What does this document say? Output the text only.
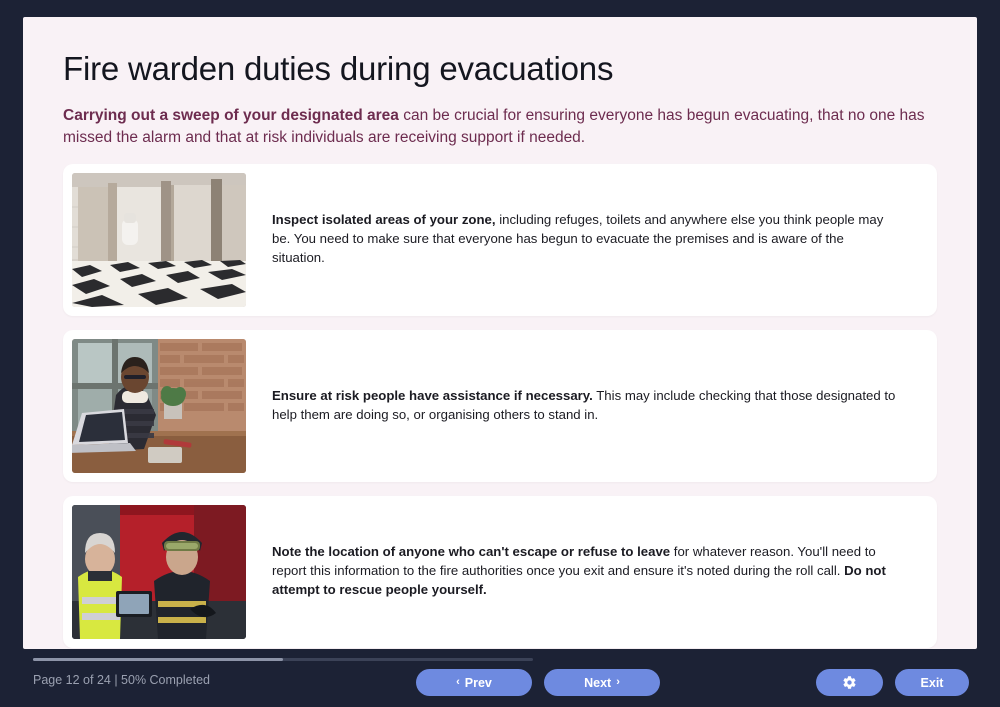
Fire warden duties during evacuations

Carrying out a sweep of your designated area can be crucial for ensuring everyone has begun evacuating, that no one has missed the alarm and that at risk individuals are receiving support if needed.

Inspect isolated areas of your zone, including refuges, toilets and anywhere else you think people may be. You need to make sure that everyone has begun to evacuate the premises and is aware of the situation.
Ensure at risk people have assistance if necessary. This may include checking that those designated to help them are doing so, or organising others to stand in.
Note the location of anyone who can't escape or refuse to leave for whatever reason. You'll need to report this information to the fire authorities once you exit and ensure it's noted during the roll call. Do not attempt to rescue people yourself.
Page 12 of 24 | 50% Completed	‹ Prev	Next ›	Exit
